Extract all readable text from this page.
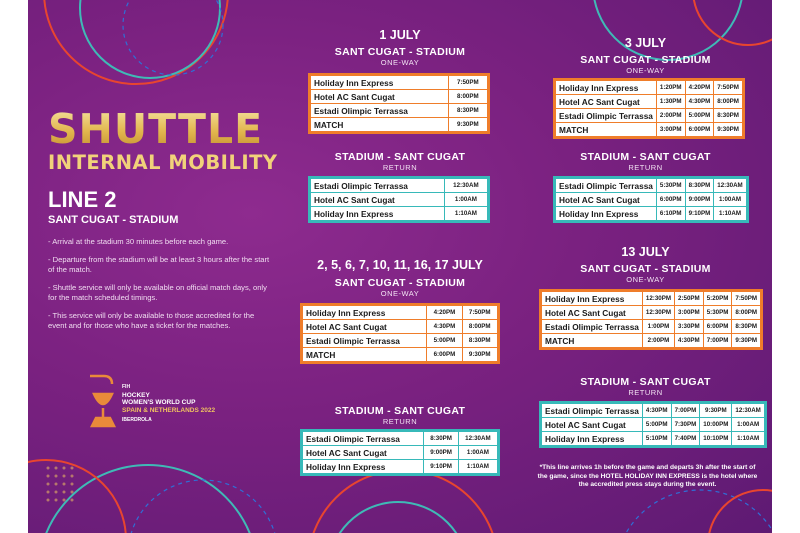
SHUTTLE
INTERNAL MOBILITY
LINE 2
SANT CUGAT - STADIUM

- Arrival at the stadium 30 minutes before each game.

- Departure from the stadium will be at least 3 hours after the start of the match.

- Shuttle service will only be available on official match days, only for the match scheduled timings.

- This service will only be available to those accredited for the event and for those who have a ticket for the matches.

FIH
HOCKEY
WOMEN'S WORLD CUP
SPAIN & NETHERLANDS 2022
IBERDROLA
1 JULY
SANT CUGAT - STADIUM
ONE-WAY
Holiday Inn Express	7:50PM
Hotel AC Sant Cugat	8:00PM
Estadi Olimpic Terrassa	8:30PM
MATCH	9:30PM
STADIUM - SANT CUGAT
RETURN
Estadi Olimpic Terrassa	12:30AM
Hotel AC Sant Cugat	1:00AM
Holiday Inn Express	1:10AM
2, 5, 6, 7, 10, 11, 16, 17 JULY
SANT CUGAT - STADIUM
ONE-WAY
Holiday Inn Express	4:20PM	7:50PM
Hotel AC Sant Cugat	4:30PM	8:00PM
Estadi Olimpic Terrassa	5:00PM	8:30PM
MATCH	6:00PM	9:30PM
STADIUM - SANT CUGAT
RETURN
Estadi Olimpic Terrassa	8:30PM	12:30AM
Hotel AC Sant Cugat	9:00PM	1:00AM
Holiday Inn Express	9:10PM	1:10AM
3 JULY
SANT CUGAT - STADIUM
ONE-WAY
Holiday Inn Express	1:20PM	4:20PM	7:50PM
Hotel AC Sant Cugat	1:30PM	4:30PM	8:00PM
Estadi Olimpic Terrassa	2:00PM	5:00PM	8:30PM
MATCH	3:00PM	6:00PM	9:30PM
STADIUM - SANT CUGAT
RETURN
Estadi Olimpic Terrassa	5:30PM	8:30PM	12:30AM
Hotel AC Sant Cugat	6:00PM	9:00PM	1:00AM
Holiday Inn Express	6:10PM	9:10PM	1:10AM
13 JULY
SANT CUGAT - STADIUM
ONE-WAY
Holiday Inn Express	12:30PM	2:50PM	5:20PM	7:50PM
Hotel AC Sant Cugat	12:30PM	3:00PM	5:30PM	8:00PM
Estadi Olimpic Terrassa	1:00PM	3:30PM	6:00PM	8:30PM
MATCH	2:00PM	4:30PM	7:00PM	9:30PM
STADIUM - SANT CUGAT
RETURN
Estadi Olimpic Terrassa	4:30PM	7:00PM	9:30PM	12:30AM
Hotel AC Sant Cugat	5:00PM	7:30PM	10:00PM	1:00AM
Holiday Inn Express	5:10PM	7:40PM	10:10PM	1:10AM
*This line arrives 1h before the game and departs 3h after the start of the game, since the HOTEL HOLIDAY INN EXPRESS is the hotel where the accredited press stays during the event.
